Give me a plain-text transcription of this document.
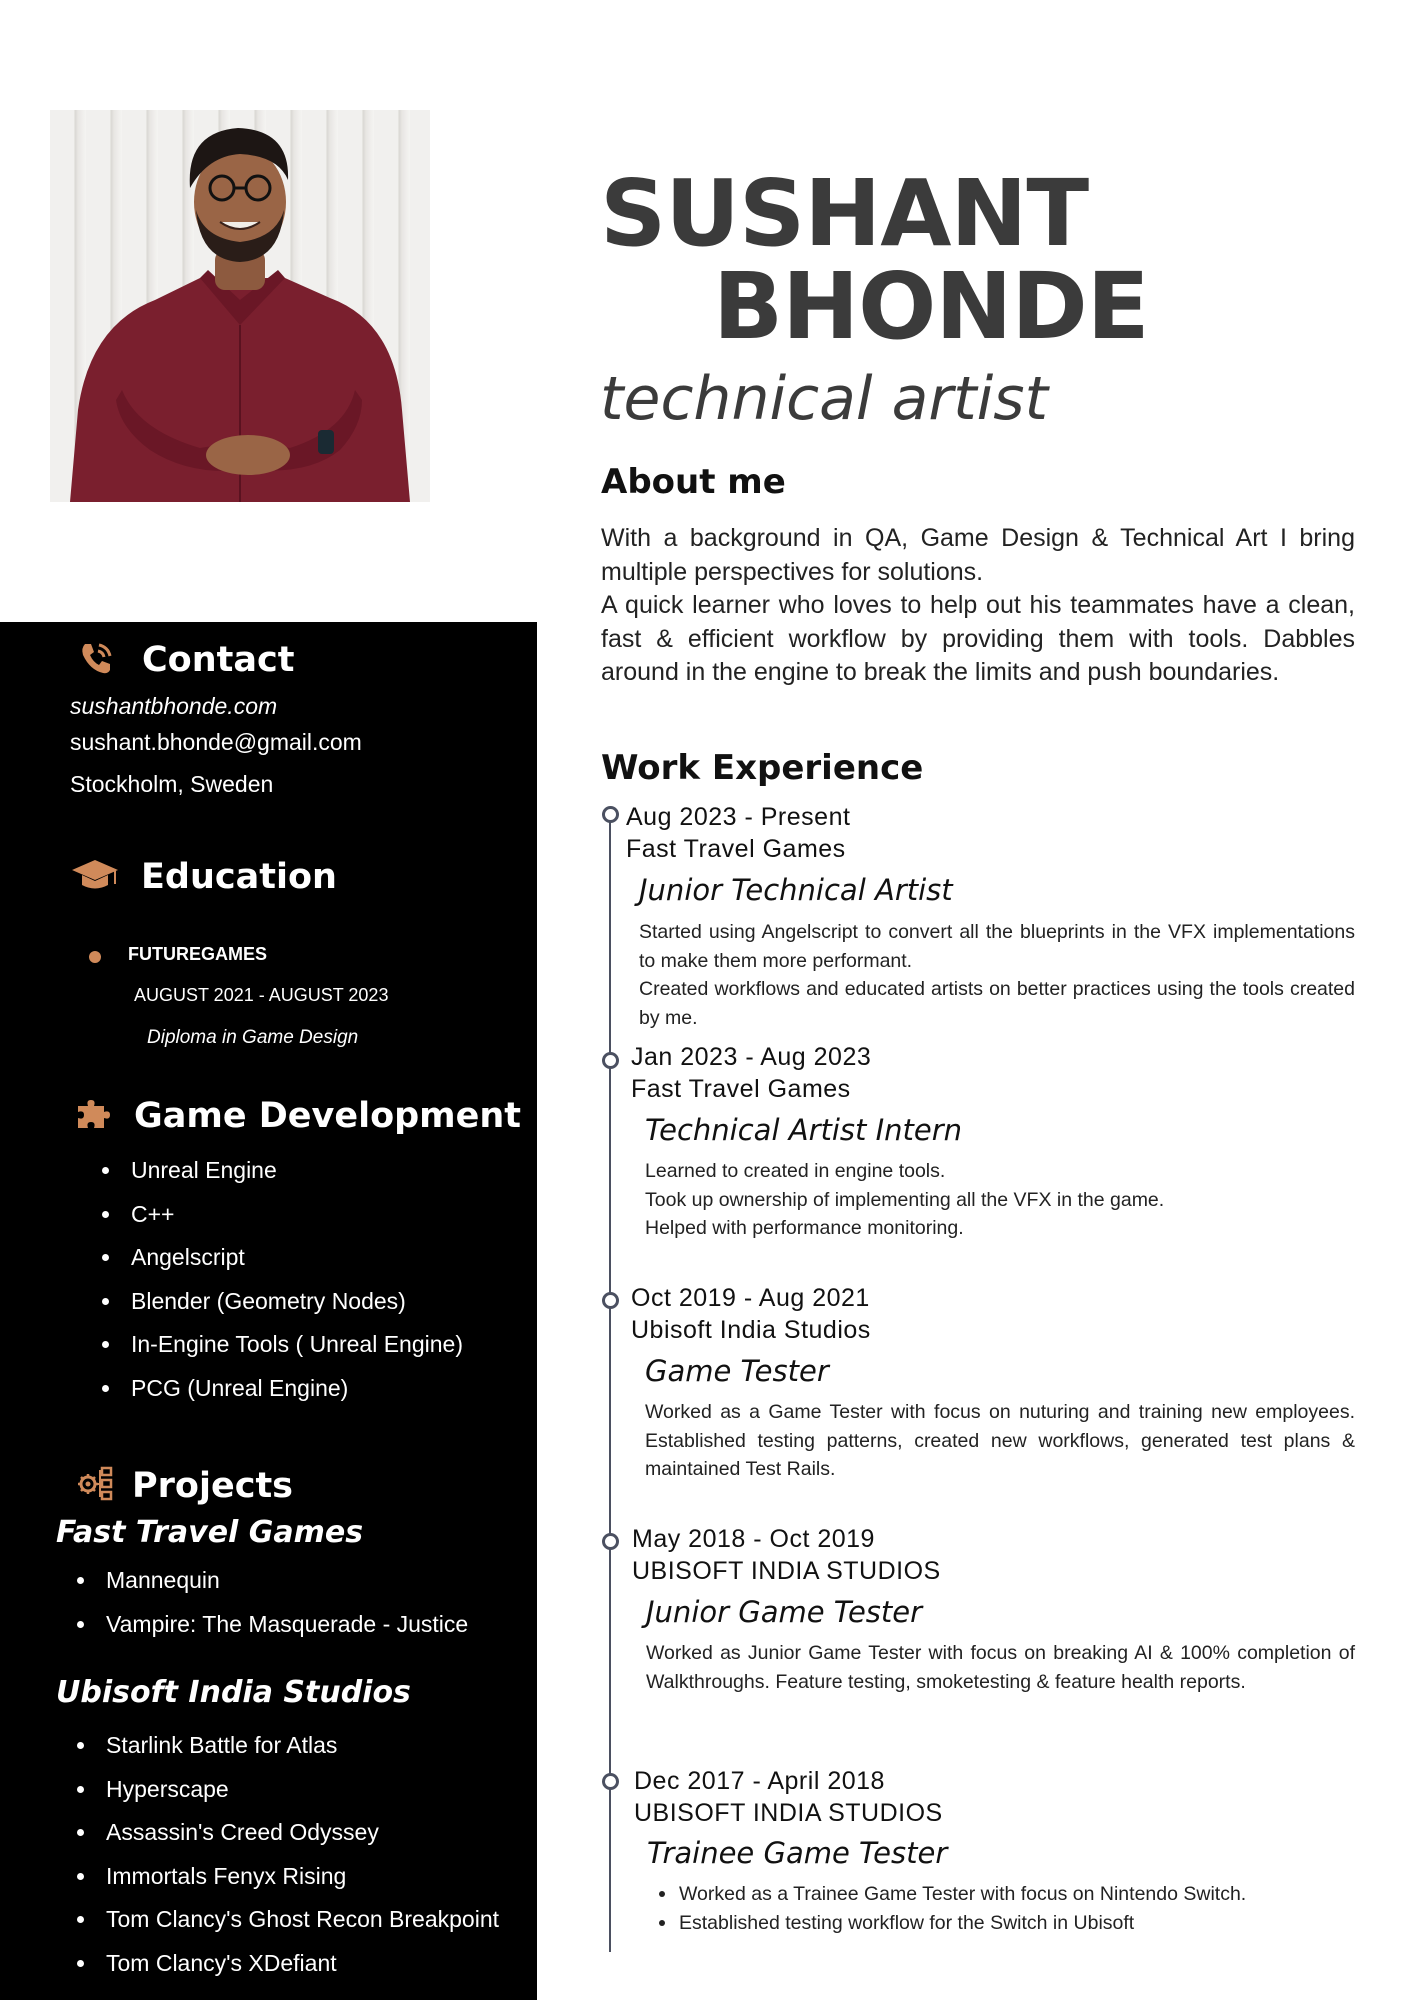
SUSHANT
BHONDE
technical artist
About me

With a background in QA, Game Design & Technical Art I bring multiple perspectives for solutions.

A quick learner who loves to help out his teammates have a clean, fast & efficient workflow by providing them with tools. Dabbles around in the engine to break the limits and push boundaries.

Contact
sushantbhonde.com
sushant.bhonde@gmail.com
Stockholm, Sweden
Education
FUTUREGAMES
AUGUST 2021 - AUGUST 2023
Diploma in Game Design
Game Development
Unreal Engine
C++
Angelscript
Blender (Geometry Nodes)
In-Engine Tools ( Unreal Engine)
PCG (Unreal Engine)
Projects
Fast Travel Games
Mannequin
Vampire: The Masquerade - Justice
Ubisoft India Studios
Starlink Battle for Atlas
Hyperscape
Assassin's Creed Odyssey
Immortals Fenyx Rising
Tom Clancy's Ghost Recon Breakpoint
Tom Clancy's XDefiant
Work Experience
Aug 2023 - Present
Fast Travel Games
Junior Technical Artist

Started using Angelscript to convert all the blueprints in the VFX implementations to make them more performant.

Created workflows and educated artists on better practices using the tools created by me.

Jan 2023 - Aug 2023
Fast Travel Games
Technical Artist Intern

Learned to created in engine tools.

Took up ownership of implementing all the VFX in the game.

Helped with performance monitoring.

Oct 2019 - Aug 2021
Ubisoft India Studios
Game Tester

Worked as a Game Tester with focus on nuturing and training new employees. Established testing patterns, created new workflows, generated test plans & maintained Test Rails.

May 2018 - Oct 2019
UBISOFT INDIA STUDIOS
Junior Game Tester

Worked as Junior Game Tester with focus on breaking AI & 100% completion of Walkthroughs. Feature testing, smoketesting & feature health reports.

Dec 2017 - April 2018
UBISOFT INDIA STUDIOS
Trainee Game Tester
Worked as a Trainee Game Tester with focus on Nintendo Switch.
Established testing workflow for the Switch in Ubisoft
